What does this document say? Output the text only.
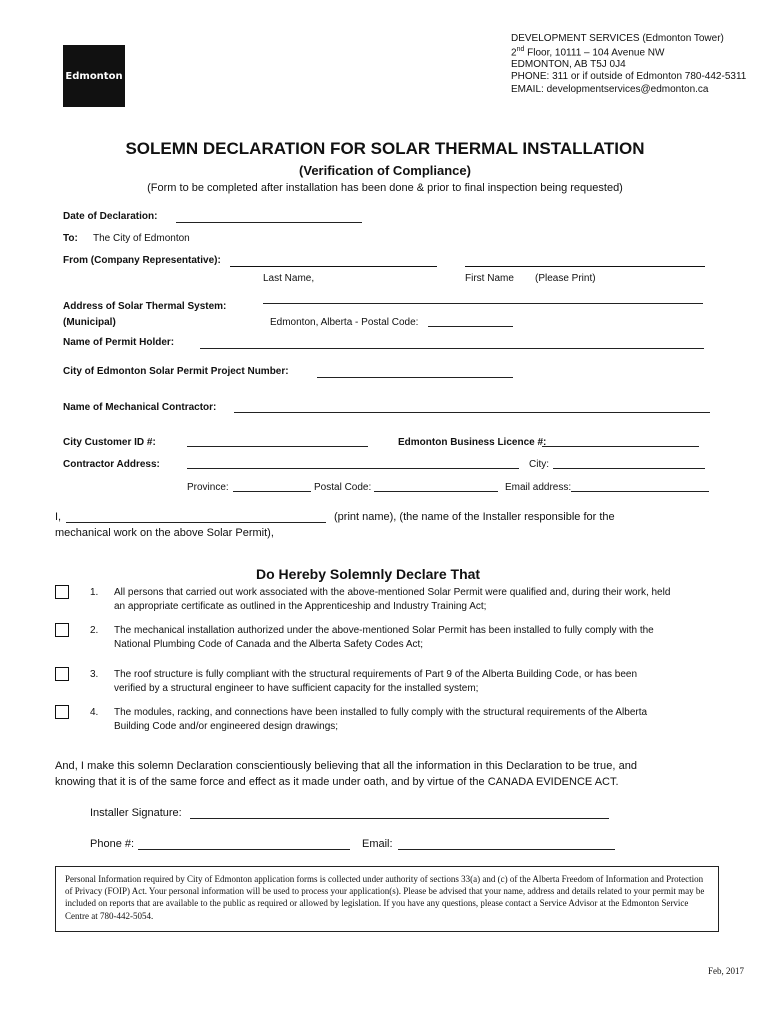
Edmonton
DEVELOPMENT SERVICES (Edmonton Tower)
2nd Floor, 10111 – 104 Avenue NW
EDMONTON, AB T5J 0J4
PHONE: 311 or if outside of Edmonton 780-442-5311
EMAIL: developmentservices@edmonton.ca
SOLEMN DECLARATION FOR SOLAR THERMAL INSTALLATION
(Verification of Compliance)
(Form to be completed after installation has been done & prior to final inspection being requested)
Date of Declaration:
To: The City of Edmonton
From (Company Representative):
Last Name,	First Name (Please Print)
Address of Solar Thermal System:
(Municipal)	Edmonton, Alberta - Postal Code:
Name of Permit Holder:
City of Edmonton Solar Permit Project Number:
Name of Mechanical Contractor:
City Customer ID #:	Edmonton Business Licence #:
Contractor Address:	City:
Province:	Postal Code:	Email address:
I,	(print name), (the name of the Installer responsible for the
mechanical work on the above Solar Permit),
Do Hereby Solemnly Declare That
1. All persons that carried out work associated with the above-mentioned Solar Permit were qualified and, during their work, held
an appropriate certificate as outlined in the Apprenticeship and Industry Training Act;
2. The mechanical installation authorized under the above-mentioned Solar Permit has been installed to fully comply with the
National Plumbing Code of Canada and the Alberta Safety Codes Act;
3. The roof structure is fully compliant with the structural requirements of Part 9 of the Alberta Building Code, or has been
verified by a structural engineer to have sufficient capacity for the installed system;
4. The modules, racking, and connections have been installed to fully comply with the structural requirements of the Alberta
Building Code and/or engineered design drawings;
And, I make this solemn Declaration conscientiously believing that all the information in this Declaration to be true, and
knowing that it is of the same force and effect as it made under oath, and by virtue of the CANADA EVIDENCE ACT.
Installer Signature:
Phone #:	Email:
Personal Information required by City of Edmonton application forms is collected under authority of sections 33(a) and (c) of the Alberta Freedom of Information and Protection of Privacy (FOIP) Act. Your personal information will be used to process your application(s). Please be advised that your name, address and details related to your permit may be included on reports that are available to the public as required or allowed by legislation. If you have any questions, please contact a Service Advisor at the Edmonton Service Centre at 780-442-5054.
Feb, 2017
